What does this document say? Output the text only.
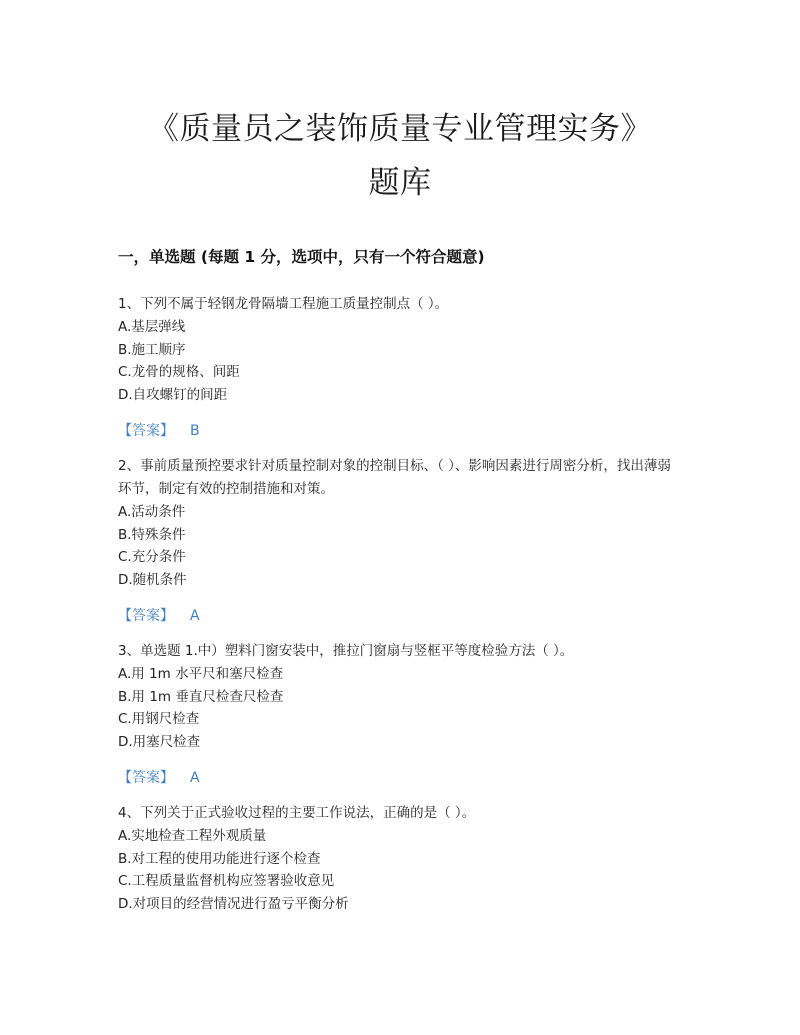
《质量员之装饰质量专业管理实务》
题库
一，单选题 (每题 1 分，选项中，只有一个符合题意)

1、下列不属于轻钢龙骨隔墙工程施工质量控制点（ ）。

A.基层弹线

B.施工顺序

C.龙骨的规格、间距

D.自攻螺钉的间距

【答案】 B

2、事前质量预控要求针对质量控制对象的控制目标、（ ）、影响因素进行周密分析，找出薄弱环节，制定有效的控制措施和对策。

A.活动条件

B.特殊条件

C.充分条件

D.随机条件

【答案】 A

3、单选题 1.中）塑料门窗安装中，推拉门窗扇与竖框平等度检验方法（ ）。

A.用 1m 水平尺和塞尺检查

B.用 1m 垂直尺检查尺检查

C.用钢尺检查

D.用塞尺检查

【答案】 A

4、下列关于正式验收过程的主要工作说法，正确的是（ ）。

A.实地检查工程外观质量

B.对工程的使用功能进行逐个检查

C.工程质量监督机构应签署验收意见

D.对项目的经营情况进行盈亏平衡分析
